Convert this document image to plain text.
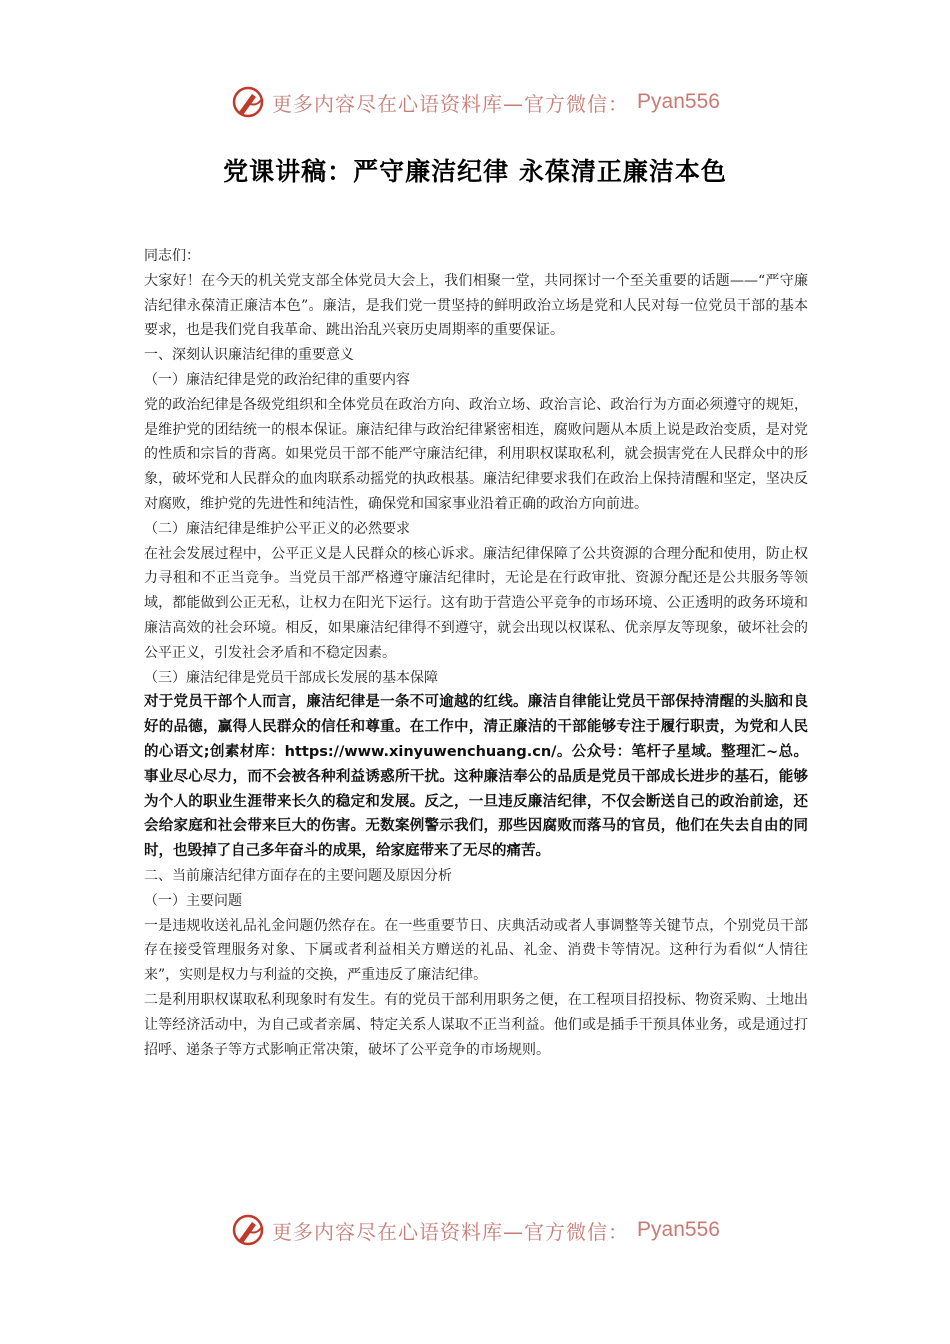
更多内容尽在心语资料库—官方微信： Pyan556
党课讲稿：严守廉洁纪律 永葆清正廉洁本色

同志们：

大家好！在今天的机关党支部全体党员大会上，我们相聚一堂，共同探讨一个至关重要的话题——“严守廉洁纪律永葆清正廉洁本色”。廉洁，是我们党一贯坚持的鲜明政治立场是党和人民对每一位党员干部的基本要求，也是我们党自我革命、跳出治乱兴衰历史周期率的重要保证。

一、深刻认识廉洁纪律的重要意义

（一）廉洁纪律是党的政治纪律的重要内容

党的政治纪律是各级党组织和全体党员在政治方向、政治立场、政治言论、政治行为方面必须遵守的规矩，是维护党的团结统一的根本保证。廉洁纪律与政治纪律紧密相连，腐败问题从本质上说是政治变质，是对党的性质和宗旨的背离。如果党员干部不能严守廉洁纪律，利用职权谋取私利，就会损害党在人民群众中的形象，破坏党和人民群众的血肉联系动摇党的执政根基。廉洁纪律要求我们在政治上保持清醒和坚定，坚决反对腐败，维护党的先进性和纯洁性，确保党和国家事业沿着正确的政治方向前进。

（二）廉洁纪律是维护公平正义的必然要求

在社会发展过程中，公平正义是人民群众的核心诉求。廉洁纪律保障了公共资源的合理分配和使用，防止权力寻租和不正当竞争。当党员干部严格遵守廉洁纪律时，无论是在行政审批、资源分配还是公共服务等领域，都能做到公正无私，让权力在阳光下运行。这有助于营造公平竞争的市场环境、公正透明的政务环境和廉洁高效的社会环境。相反，如果廉洁纪律得不到遵守，就会出现以权谋私、优亲厚友等现象，破坏社会的公平正义，引发社会矛盾和不稳定因素。

（三）廉洁纪律是党员干部成长发展的基本保障

对于党员干部个人而言，廉洁纪律是一条不可逾越的红线。廉洁自律能让党员干部保持清醒的头脑和良好的品德，赢得人民群众的信任和尊重。在工作中，清正廉洁的干部能够专注于履行职责，为党和人民的心语文;创素材库：https://www.xinyuwenchuang.cn/。公众号：笔杆子星域。整理汇~总。事业尽心尽力，而不会被各种利益诱惑所干扰。这种廉洁奉公的品质是党员干部成长进步的基石，能够为个人的职业生涯带来长久的稳定和发展。反之，一旦违反廉洁纪律，不仅会断送自己的政治前途，还会给家庭和社会带来巨大的伤害。无数案例警示我们，那些因腐败而落马的官员，他们在失去自由的同时，也毁掉了自己多年奋斗的成果，给家庭带来了无尽的痛苦。

二、当前廉洁纪律方面存在的主要问题及原因分析

（一）主要问题

一是违规收送礼品礼金问题仍然存在。在一些重要节日、庆典活动或者人事调整等关键节点，个别党员干部存在接受管理服务对象、下属或者利益相关方赠送的礼品、礼金、消费卡等情况。这种行为看似“人情往来”，实则是权力与利益的交换，严重违反了廉洁纪律。

二是利用职权谋取私利现象时有发生。有的党员干部利用职务之便，在工程项目招投标、物资采购、土地出让等经济活动中，为自己或者亲属、特定关系人谋取不正当利益。他们或是插手干预具体业务，或是通过打招呼、递条子等方式影响正常决策，破坏了公平竞争的市场规则。

更多内容尽在心语资料库—官方微信： Pyan556
